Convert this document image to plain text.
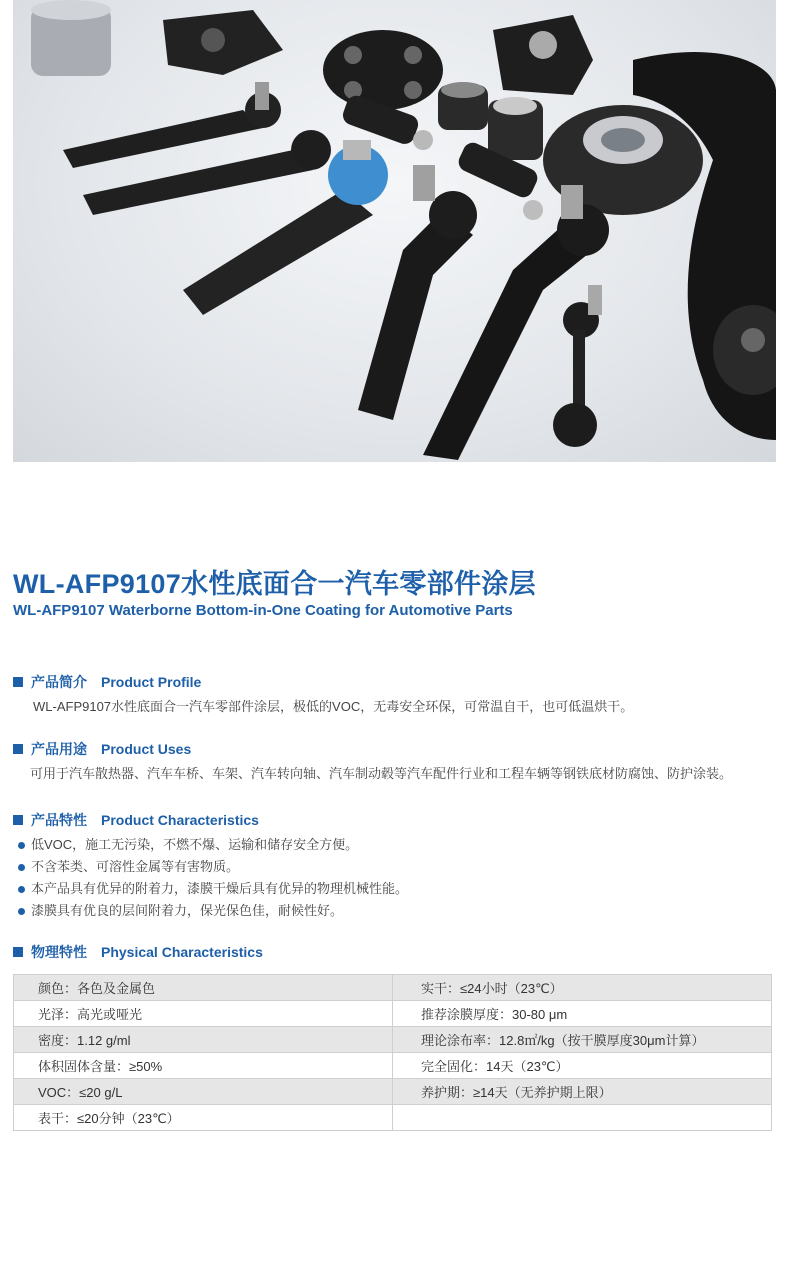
WL-AFP9107水性底面合一汽车零部件涂层
WL-AFP9107 Waterborne Bottom-in-One Coating for Automotive Parts
产品简介 Product Profile
WL-AFP9107水性底面合一汽车零部件涂层，极低的VOC，无毒安全环保，可常温自干，也可低温烘干。
产品用途 Product Uses
可用于汽车散热器、汽车车桥、车架、汽车转向轴、汽车制动毂等汽车配件行业和工程车辆等钢铁底材防腐蚀、防护涂装。
产品特性 Product Characteristics
低VOC，施工无污染，不燃不爆、运输和储存安全方便。
不含苯类、可溶性金属等有害物质。
本产品具有优异的附着力，漆膜干燥后具有优异的物理机械性能。
漆膜具有优良的层间附着力，保光保色佳，耐候性好。
物理特性 Physical Characteristics
颜色：各色及金属色	实干：≤24小时（23℃）
光泽：高光或哑光	推荐涂膜厚度：30-80 μm
密度：1.12 g/ml	理论涂布率：12.8㎡/kg（按干膜厚度30μm计算）
体积固体含量：≥50%	完全固化：14天（23℃）
VOC：≤20 g/L	养护期：≥14天（无养护期上限）
表干：≤20分钟（23℃）	
